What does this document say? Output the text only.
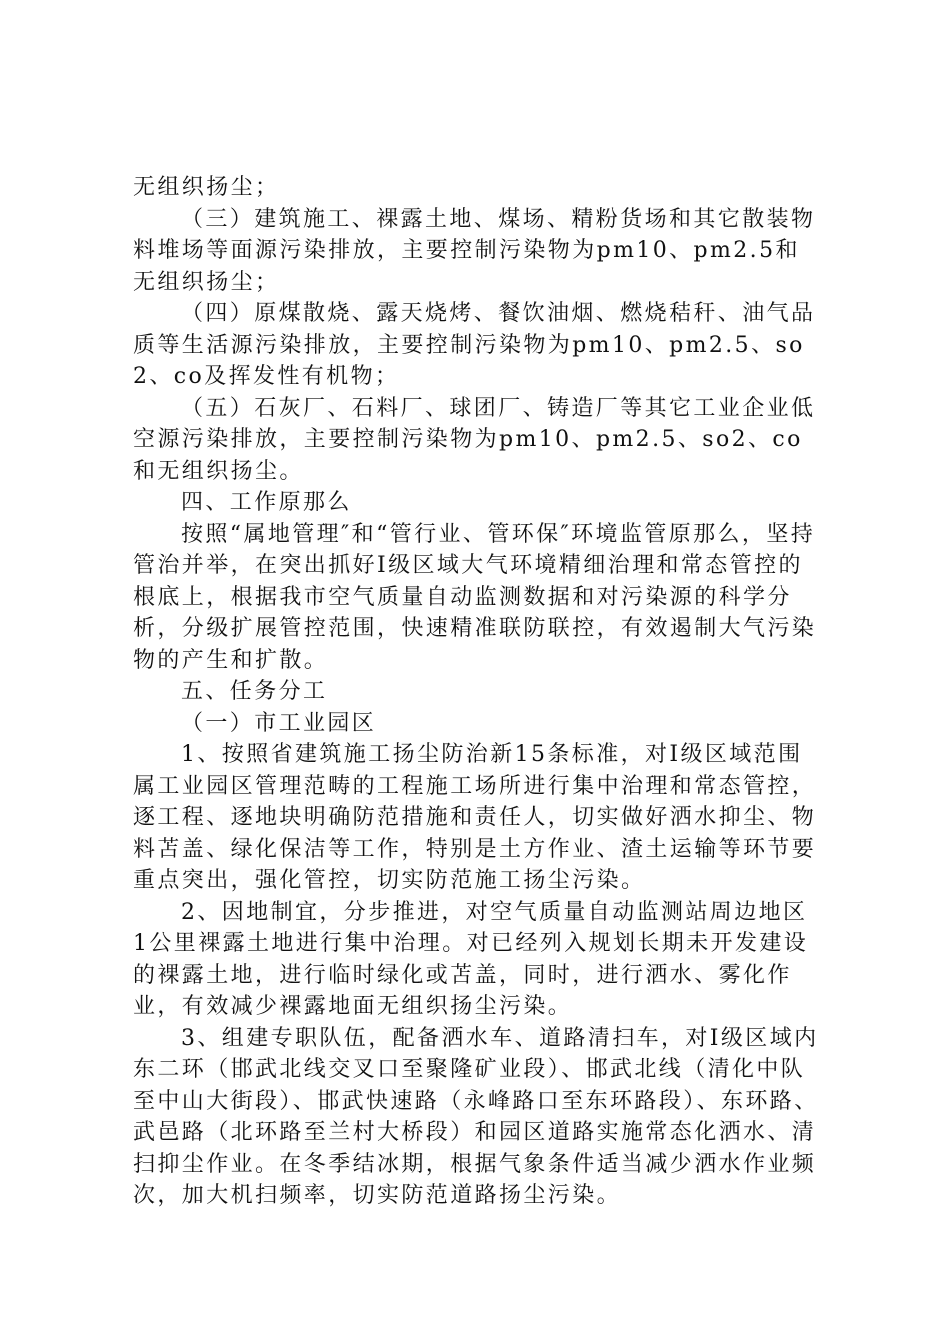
无组织扬尘；

（三）建筑施工、裸露土地、煤场、精粉货场和其它散装物料堆场等面源污染排放，主要控制污染物为pm10、pm2.5和无组织扬尘；

（四）原煤散烧、露天烧烤、餐饮油烟、燃烧秸秆、油气品质等生活源污染排放，主要控制污染物为pm10、pm2.5、so2、co及挥发性有机物；

（五）石灰厂、石料厂、球团厂、铸造厂等其它工业企业低空源污染排放，主要控制污染物为pm10、pm2.5、so2、co和无组织扬尘。

四、工作原那么

按照“属地管理″和“管行业、管环保″环境监管原那么，坚持管治并举，在突出抓好Ⅰ级区域大气环境精细治理和常态管控的根底上，根据我市空气质量自动监测数据和对污染源的科学分析，分级扩展管控范围，快速精准联防联控，有效遏制大气污染物的产生和扩散。

五、任务分工

（一）市工业园区

1、按照省建筑施工扬尘防治新15条标准，对Ⅰ级区域范围属工业园区管理范畴的工程施工场所进行集中治理和常态管控，逐工程、逐地块明确防范措施和责任人，切实做好洒水抑尘、物料苫盖、绿化保洁等工作，特别是土方作业、渣土运输等环节要重点突出，强化管控，切实防范施工扬尘污染。

2、因地制宜，分步推进，对空气质量自动监测站周边地区1公里裸露土地进行集中治理。对已经列入规划长期未开发建设的裸露土地，进行临时绿化或苫盖，同时，进行洒水、雾化作业，有效减少裸露地面无组织扬尘污染。

3、组建专职队伍，配备洒水车、道路清扫车，对Ⅰ级区域内东二环（邯武北线交叉口至聚隆矿业段）、邯武北线（清化中队至中山大街段）、邯武快速路（永峰路口至东环路段）、东环路、武邑路（北环路至兰村大桥段）和园区道路实施常态化洒水、清扫抑尘作业。在冬季结冰期，根据气象条件适当减少洒水作业频次，加大机扫频率，切实防范道路扬尘污染。
